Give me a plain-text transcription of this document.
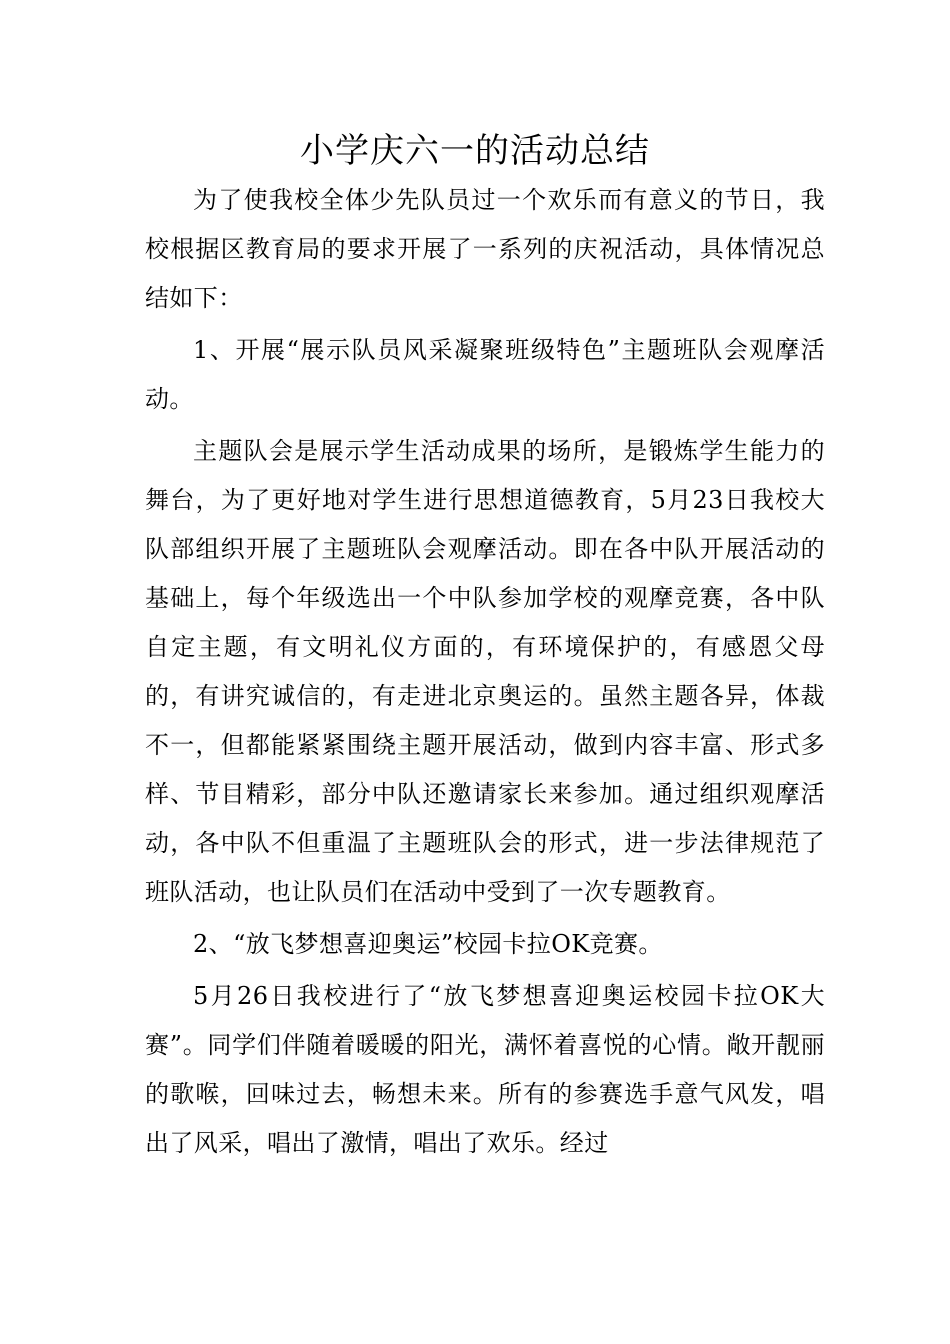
小学庆六一的活动总结

为了使我校全体少先队员过一个欢乐而有意义的节日，我校根据区教育局的要求开展了一系列的庆祝活动，具体情况总结如下：

1、开展“展示队员风采凝聚班级特色”主题班队会观摩活动。

主题队会是展示学生活动成果的场所，是锻炼学生能力的舞台，为了更好地对学生进行思想道德教育，5月23日我校大队部组织开展了主题班队会观摩活动。即在各中队开展活动的基础上，每个年级选出一个中队参加学校的观摩竞赛，各中队自定主题，有文明礼仪方面的，有环境保护的，有感恩父母的，有讲究诚信的，有走进北京奥运的。虽然主题各异，体裁不一，但都能紧紧围绕主题开展活动，做到内容丰富、形式多样、节目精彩，部分中队还邀请家长来参加。通过组织观摩活动，各中队不但重温了主题班队会的形式，进一步法律规范了班队活动，也让队员们在活动中受到了一次专题教育。

2、“放飞梦想喜迎奥运”校园卡拉OK竞赛。

5月26日我校进行了“放飞梦想喜迎奥运校园卡拉OK大赛”。同学们伴随着暖暖的阳光，满怀着喜悦的心情。敞开靓丽的歌喉，回味过去，畅想未来。所有的参赛选手意气风发，唱出了风采，唱出了激情，唱出了欢乐。经过
